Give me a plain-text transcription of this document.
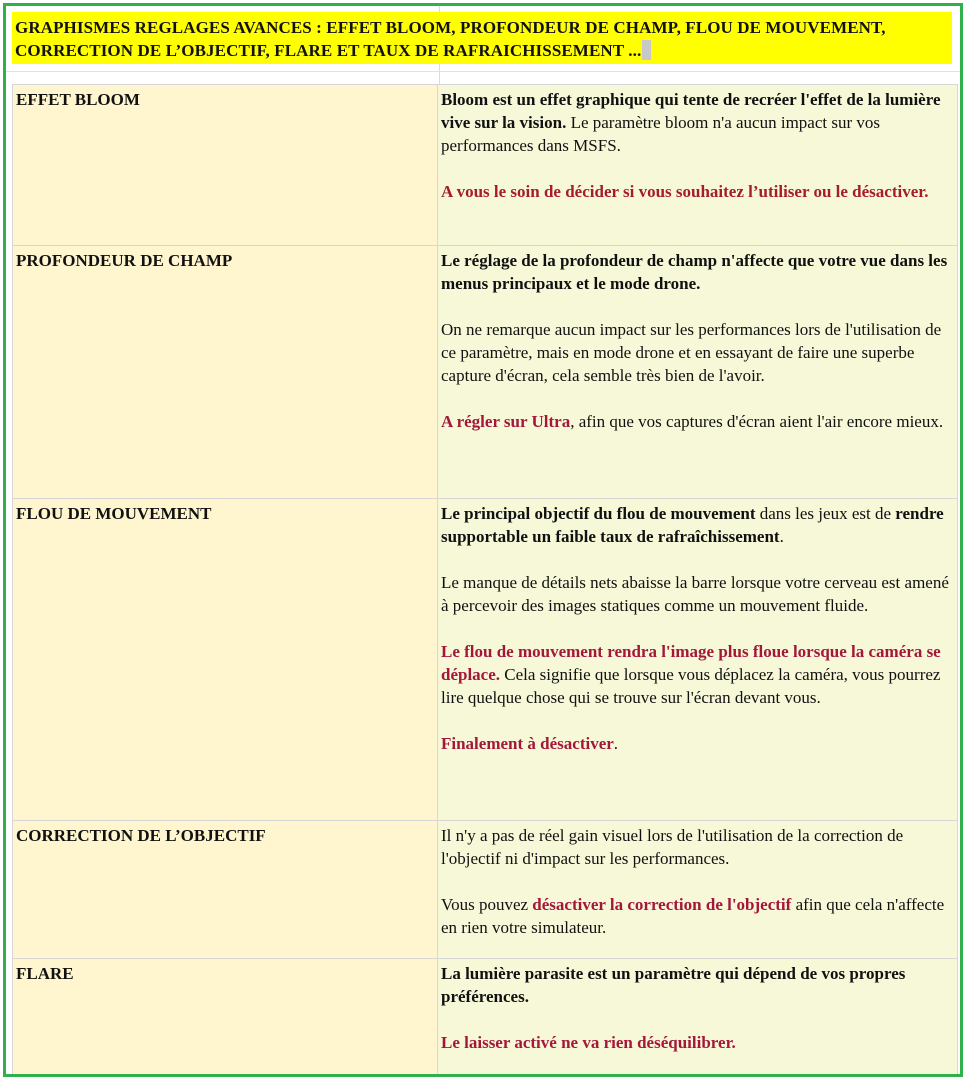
GRAPHISMES REGLAGES AVANCES : EFFET BLOOM, PROFONDEUR DE CHAMP, FLOU DE MOUVEMENT, CORRECTION DE L’OBJECTIF, FLARE ET TAUX DE RAFRAICHISSEMENT ...
EFFET BLOOM	Bloom est un effet graphique qui tente de recréer l'effet de la lumière vive sur la vision. Le paramètre bloom n'a aucun impact sur vos performances dans MSFS.

A vous le soin de décider si vous souhaitez l’utiliser ou le désactiver.

PROFONDEUR DE CHAMP	Le réglage de la profondeur de champ n'affecte que votre vue dans les menus principaux et le mode drone.

On ne remarque aucun impact sur les performances lors de l'utilisation de ce paramètre, mais en mode drone et en essayant de faire une superbe capture d'écran, cela semble très bien de l'avoir.

A régler sur Ultra, afin que vos captures d'écran aient l'air encore mieux.

FLOU DE MOUVEMENT	Le principal objectif du flou de mouvement dans les jeux est de rendre supportable un faible taux de rafraîchissement.

Le manque de détails nets abaisse la barre lorsque votre cerveau est amené à percevoir des images statiques comme un mouvement fluide.

Le flou de mouvement rendra l'image plus floue lorsque la caméra se déplace. Cela signifie que lorsque vous déplacez la caméra, vous pourrez lire quelque chose qui se trouve sur l'écran devant vous.

Finalement à désactiver.

CORRECTION DE L’OBJECTIF	Il n'y a pas de réel gain visuel lors de l'utilisation de la correction de l'objectif ni d'impact sur les performances.

Vous pouvez désactiver la correction de l'objectif afin que cela n'affecte en rien votre simulateur.

FLARE	La lumière parasite est un paramètre qui dépend de vos propres préférences.

Le laisser activé ne va rien déséquilibrer.
